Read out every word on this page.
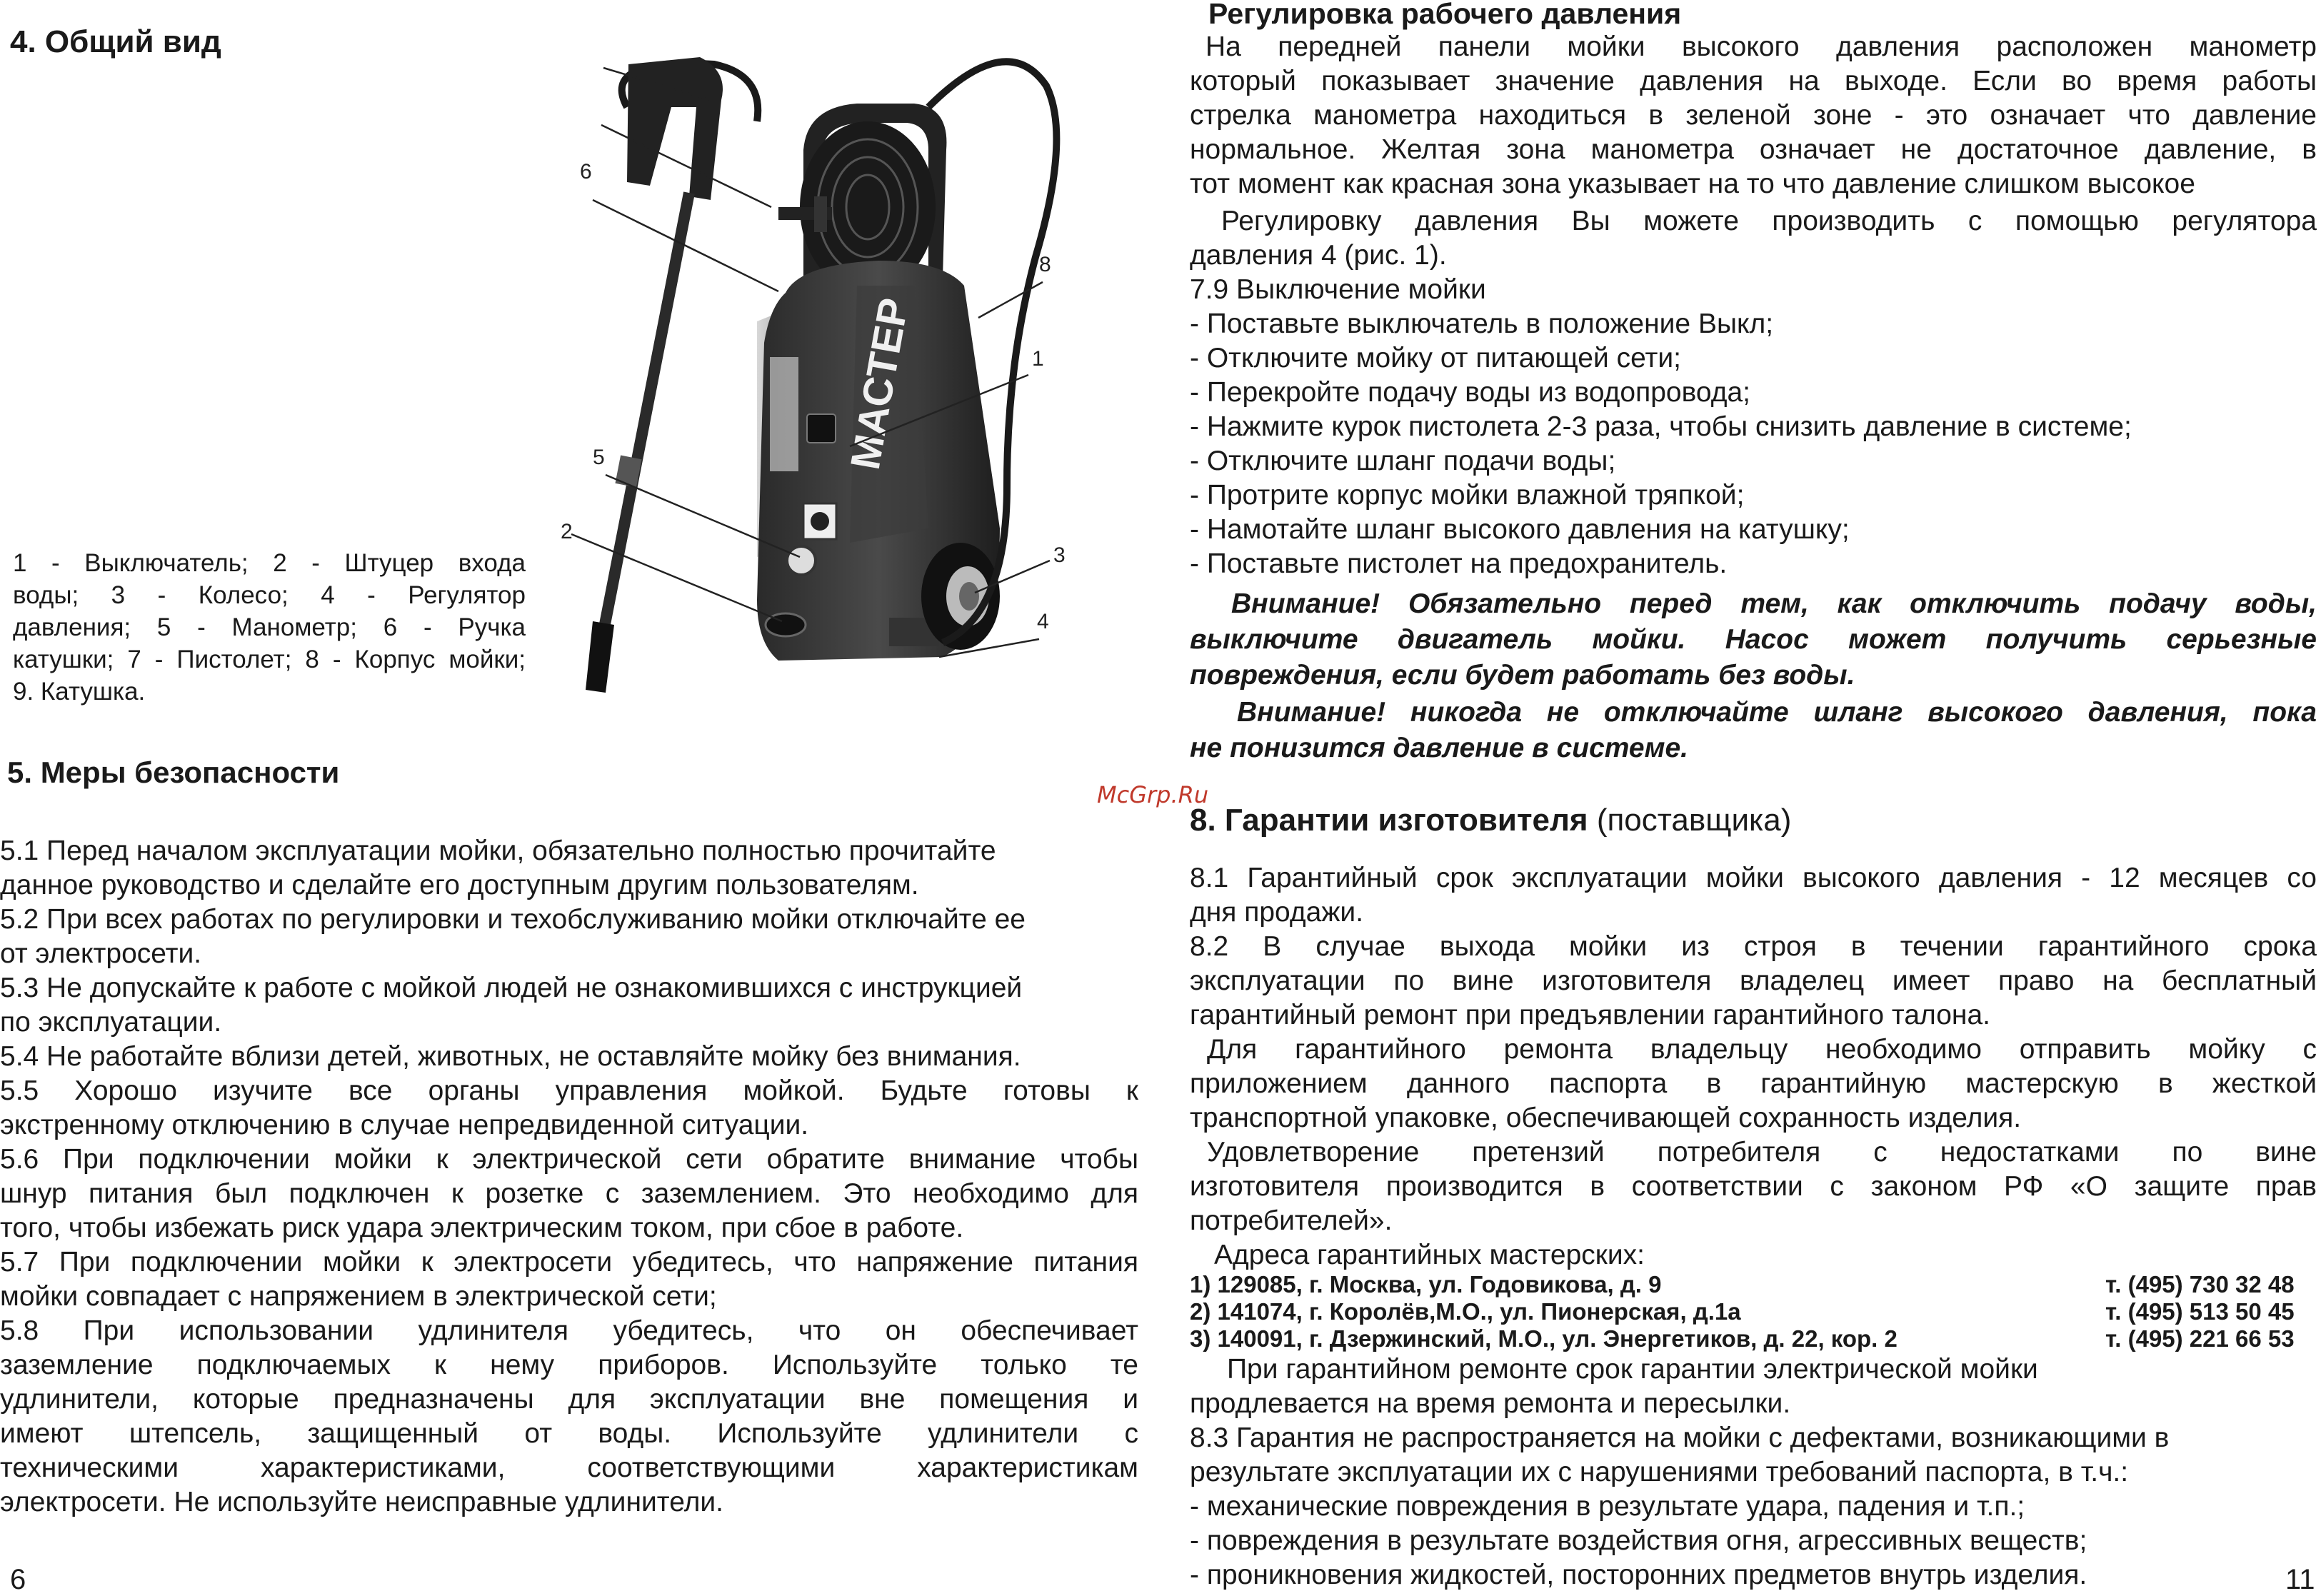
4. Общий вид
1 - Выключатель; 2 - Штуцер входа
воды; 3 - Колесо; 4 - Регулятор
давления; 5 - Манометр; 6 - Ручка
катушки; 7 - Пистолет; 8 - Корпус мойки;
9. Катушка.
МАСТЕР
6
8
1
5
2
3
4
5. Меры безопасности
5.1 Перед началом эксплуатации мойки, обязательно полностью прочитайте
данное руководство и сделайте его доступным другим пользователям.
5.2 При всех работах по регулировки и техобслуживанию мойки отключайте ее
от электросети.
5.3 Не допускайте к работе с мойкой людей не ознакомившихся с инструкцией
по эксплуатации.
5.4 Не работайте вблизи детей, животных, не оставляйте мойку без внимания.
5.5 Хорошо изучите все органы управления мойкой. Будьте готовы к
экстренному отключению в случае непредвиденной ситуации.
5.6 При подключении мойки к электрической сети обратите внимание чтобы
шнур питания был подключен к розетке с заземлением. Это необходимо для
того, чтобы избежать риск удара электрическим током, при сбое в работе.
5.7 При подключении мойки к электросети убедитесь, что напряжение питания
мойки совпадает с напряжением в электрической сети;
5.8 При использовании удлинителя убедитесь, что он обеспечивает
заземление подключаемых к нему приборов. Используйте только те
удлинители, которые предназначены для эксплуатации вне помещения и
имеют штепсель, защищенный от воды. Используйте удлинители с
техническими характеристиками, соответствующими характеристикам
электросети. Не используйте неисправные удлинители.
6
Регулировка рабочего давления
На передней панели мойки высокого давления расположен манометр
который показывает значение давления на выходе. Если во время работы
стрелка манометра находиться в зеленой зоне - это означает что давление
нормальное. Желтая зона манометра означает не достаточное давление, в
тот момент как красная зона указывает на то что давление слишком высокое
Регулировку давления Вы можете производить с помощью регулятора
давления 4 (рис. 1).
7.9 Выключение мойки
- Поставьте выключатель в положение Выкл;
- Отключите мойку от питающей сети;
- Перекройте подачу воды из водопровода;
- Нажмите курок пистолета 2-3 раза, чтобы снизить давление в системе;
- Отключите шланг подачи воды;
- Протрите корпус мойки влажной тряпкой;
- Намотайте шланг высокого давления на катушку;
- Поставьте пистолет на предохранитель.
Внимание! Обязательно перед тем, как отключить подачу воды,
выключите двигатель мойки. Насос может получить серьезные
повреждения, если будет работать без воды.
Внимание! никогда не отключайте шланг высокого давления, пока
не понизится давление в системе.
McGrp.Ru
8. Гарантии изготовителя (поставщика)
8.1 Гарантийный срок эксплуатации мойки высокого давления - 12 месяцев со
дня продажи.
8.2 В случае выхода мойки из строя в течении гарантийного срока
эксплуатации по вине изготовителя владелец имеет право на бесплатный
гарантийный ремонт при предъявлении гарантийного талона.
Для гарантийного ремонта владельцу необходимо отправить мойку с
приложением данного паспорта в гарантийную мастерскую в жесткой
транспортной упаковке, обеспечивающей сохранность изделия.
Удовлетворение претензий потребителя с недостатками по вине
изготовителя производится в соответствии с законом РФ «О защите прав
потребителей».
Адреса гарантийных мастерских:
1) 129085, г. Москва, ул. Годовикова, д. 9	т. (495) 730 32 48
2) 141074, г. Королёв,М.О., ул. Пионерская, д.1а	т. (495) 513 50 45
3) 140091, г. Дзержинский, М.О., ул. Энергетиков, д. 22, кор. 2	т. (495) 221 66 53
При гарантийном ремонте срок гарантии электрической мойки
продлевается на время ремонта и пересылки.
8.3 Гарантия не распространяется на мойки с дефектами, возникающими в
результате эксплуатации их с нарушениями требований паспорта, в т.ч.:
- механические повреждения в результате удара, падения и т.п.;
- повреждения в результате воздействия огня, агрессивных веществ;
- проникновения жидкостей, посторонних предметов внутрь изделия.	11
